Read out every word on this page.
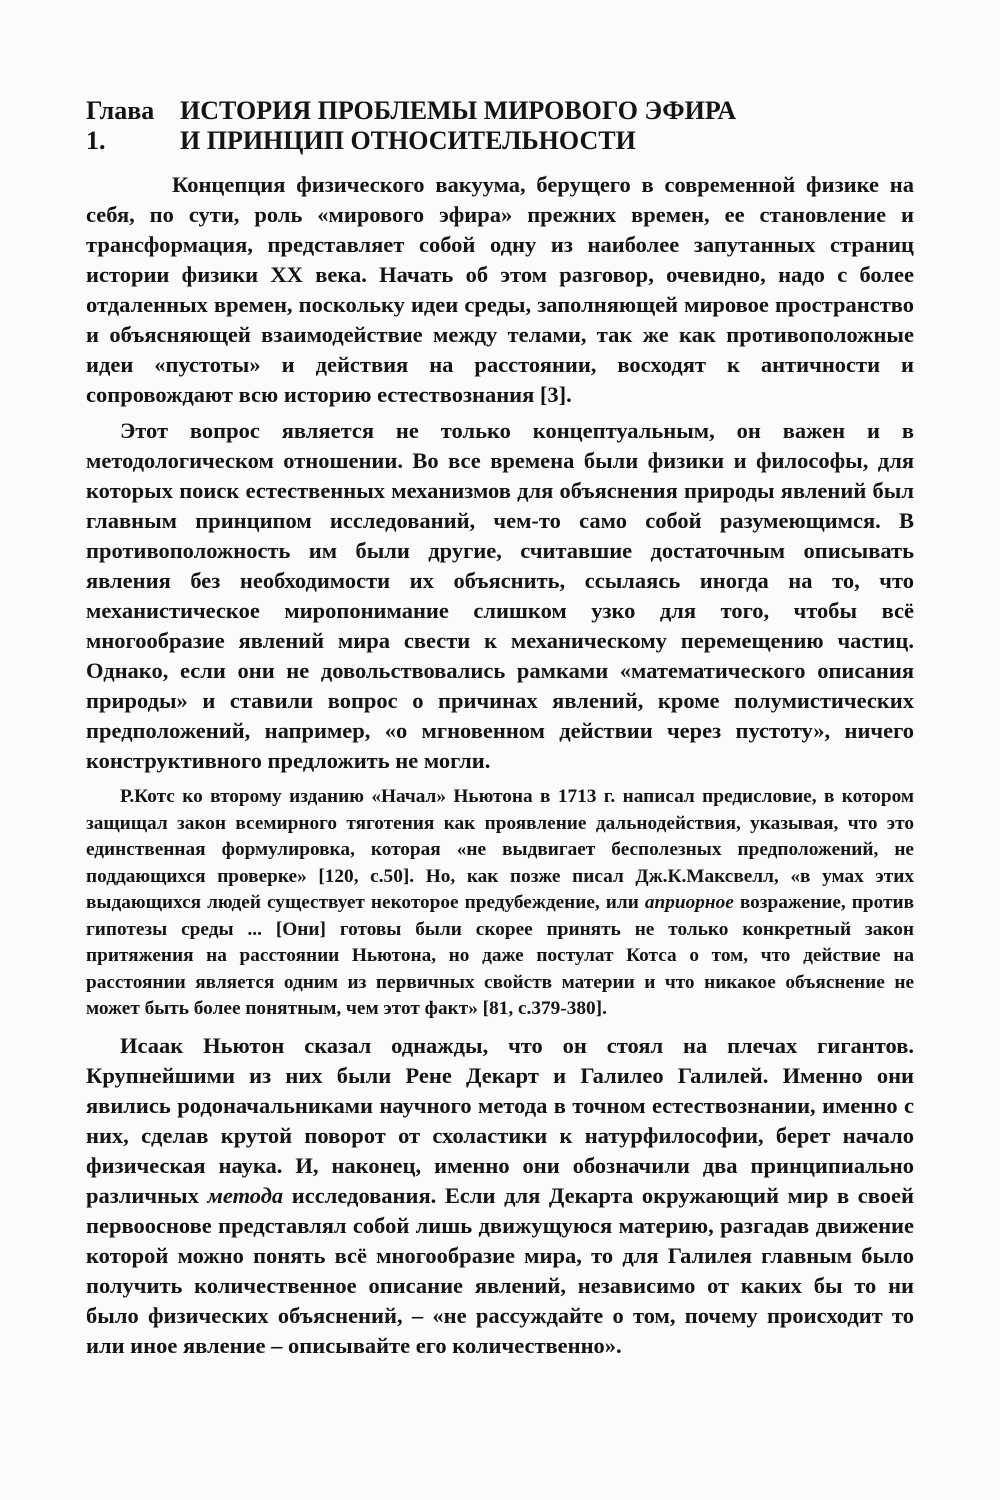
Глава 1.
ИСТОРИЯ ПРОБЛЕМЫ МИРОВОГО ЭФИРА
И ПРИНЦИП ОТНОСИТЕЛЬНОСТИ

Концепция физического вакуума, берущего в современной физике на себя, по сути, роль «мирового эфира» прежних времен, ее становление и трансформация, представляет собой одну из наиболее запутанных страниц истории физики XX века. Начать об этом разговор, очевидно, надо с более отдаленных времен, поскольку идеи среды, заполняющей мировое пространство и объясняющей взаимодействие между телами, так же как противоположные идеи «пустоты» и действия на расстоянии, восходят к античности и сопровождают всю историю естествознания [3].

Этот вопрос является не только концептуальным, он важен и в методологическом отношении. Во все времена были физики и философы, для которых поиск естественных механизмов для объяснения природы явлений был главным принципом исследований, чем-то само собой разумеющимся. В противоположность им были другие, считавшие достаточным описывать явления без необходимости их объяснить, ссылаясь иногда на то, что механистическое миропонимание слишком узко для того, чтобы всё многообразие явлений мира свести к механическому перемещению частиц. Однако, если они не довольствовались рамками «математического описания природы» и ставили вопрос о причинах явлений, кроме полумистических предположений, например, «о мгновенном действии через пустоту», ничего конструктивного предложить не могли.

Р.Котс ко второму изданию «Начал» Ньютона в 1713 г. написал предисловие, в котором защищал закон всемирного тяготения как проявление дальнодействия, указывая, что это единственная формулировка, которая «не выдвигает бесполезных предположений, не поддающихся проверке» [120, с.50]. Но, как позже писал Дж.К.Максвелл, «в умах этих выдающихся людей существует некоторое предубеждение, или априорное возражение, против гипотезы среды ... [Они] готовы были скорее принять не только конкретный закон притяжения на расстоянии Ньютона, но даже постулат Котса о том, что действие на расстоянии является одним из первичных свойств материи и что никакое объяснение не может быть более понятным, чем этот факт» [81, с.379-380].

Исаак Ньютон сказал однажды, что он стоял на плечах гигантов. Крупнейшими из них были Рене Декарт и Галилео Галилей. Именно они явились родоначальниками научного метода в точном естествознании, именно с них, сделав крутой поворот от схоластики к натурфилософии, берет начало физическая наука. И, наконец, именно они обозначили два принципиально различных метода исследования. Если для Декарта окружающий мир в своей первооснове представлял собой лишь движущуюся материю, разгадав движение которой можно понять всё многообразие мира, то для Галилея главным было получить количественное описание явлений, независимо от каких бы то ни было физических объяснений, – «не рассуждайте о том, почему происходит то или иное явление – описывайте его количественно».
